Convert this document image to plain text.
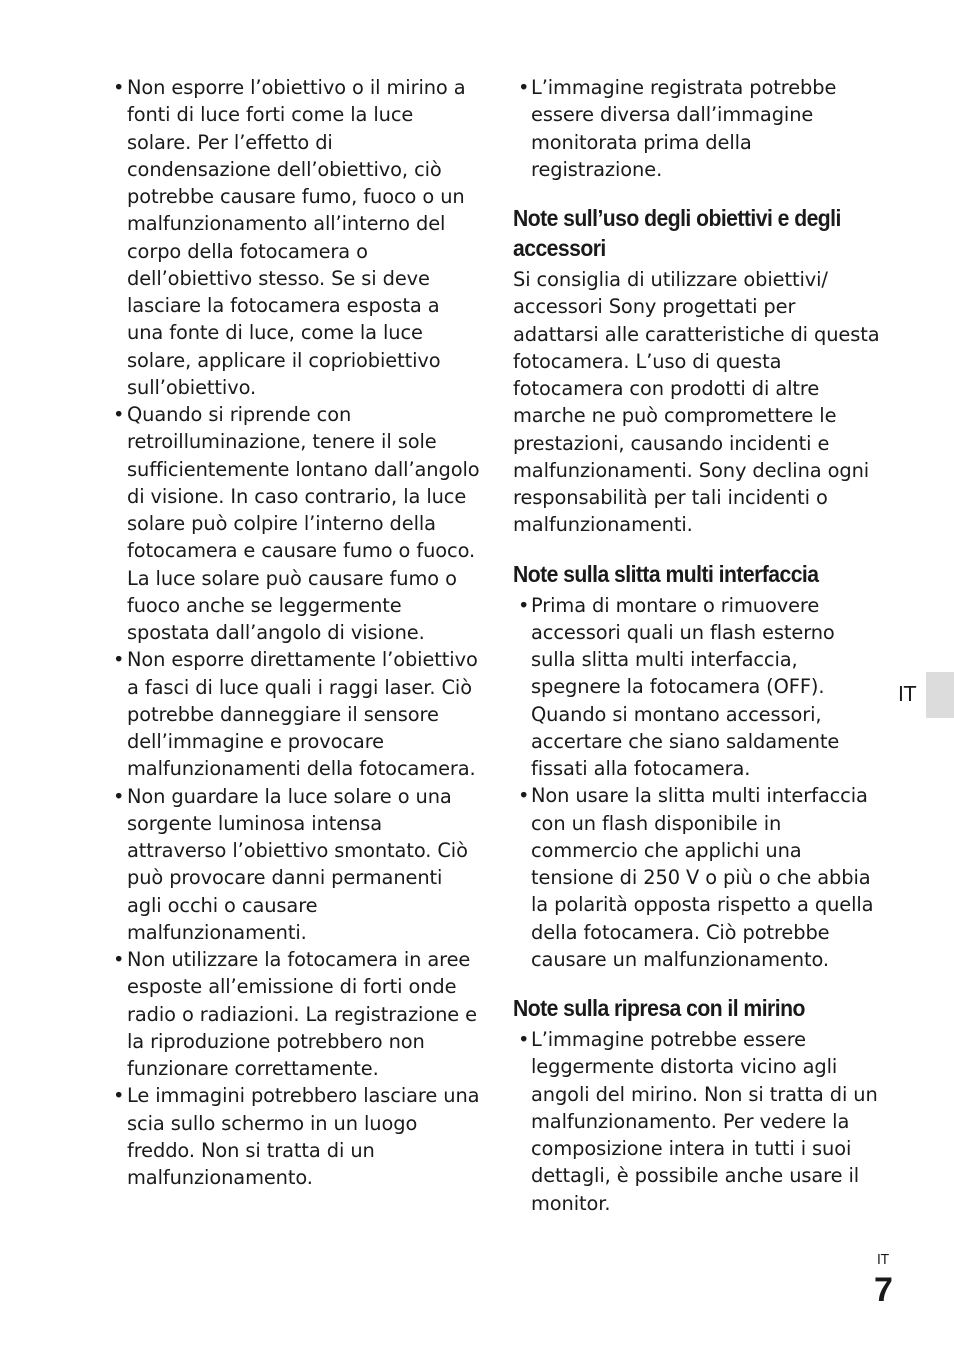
• Non esporre l’obiettivo o il mirino a fonti di luce forti come la luce solare. Per l’effetto di condensazione dell’obiettivo, ciò potrebbe causare fumo, fuoco o un malfunzionamento all’interno del corpo della fotocamera o dell’obiettivo stesso. Se si deve lasciare la fotocamera esposta a una fonte di luce, come la luce solare, applicare il copriobiettivo sull’obiettivo.
• Quando si riprende con retroilluminazione, tenere il sole sufficientemente lontano dall’angolo di visione. In caso contrario, la luce solare può colpire l’interno della fotocamera e causare fumo o fuoco. La luce solare può causare fumo o fuoco anche se leggermente spostata dall’angolo di visione.
• Non esporre direttamente l’obiettivo a fasci di luce quali i raggi laser. Ciò potrebbe danneggiare il sensore dell’immagine e provocare malfunzionamenti della fotocamera.
• Non guardare la luce solare o una sorgente luminosa intensa attraverso l’obiettivo smontato. Ciò può provocare danni permanenti agli occhi o causare malfunzionamenti.
• Non utilizzare la fotocamera in aree esposte all’emissione di forti onde radio o radiazioni. La registrazione e la riproduzione potrebbero non funzionare correttamente.
• Le immagini potrebbero lasciare una scia sullo schermo in un luogo freddo. Non si tratta di un malfunzionamento.
• L’immagine registrata potrebbe essere diversa dall’immagine monitorata prima della registrazione.
Note sull’uso degli obiettivi e degli accessori

Si consiglia di utilizzare obiettivi/ accessori Sony progettati per adattarsi alle caratteristiche di questa fotocamera. L’uso di questa fotocamera con prodotti di altre marche ne può compromettere le prestazioni, causando incidenti e malfunzionamenti. Sony declina ogni responsabilità per tali incidenti o malfunzionamenti.

Note sulla slitta multi interfaccia
• Prima di montare o rimuovere accessori quali un flash esterno sulla slitta multi interfaccia, spegnere la fotocamera (OFF). Quando si montano accessori, accertare che siano saldamente fissati alla fotocamera.
• Non usare la slitta multi interfaccia con un flash disponibile in commercio che applichi una tensione di 250 V o più o che abbia la polarità opposta rispetto a quella della fotocamera. Ciò potrebbe causare un malfunzionamento.
Note sulla ripresa con il mirino
• L’immagine potrebbe essere leggermente distorta vicino agli angoli del mirino. Non si tratta di un malfunzionamento. Per vedere la composizione intera in tutti i suoi dettagli, è possibile anche usare il monitor.
IT
IT
7
